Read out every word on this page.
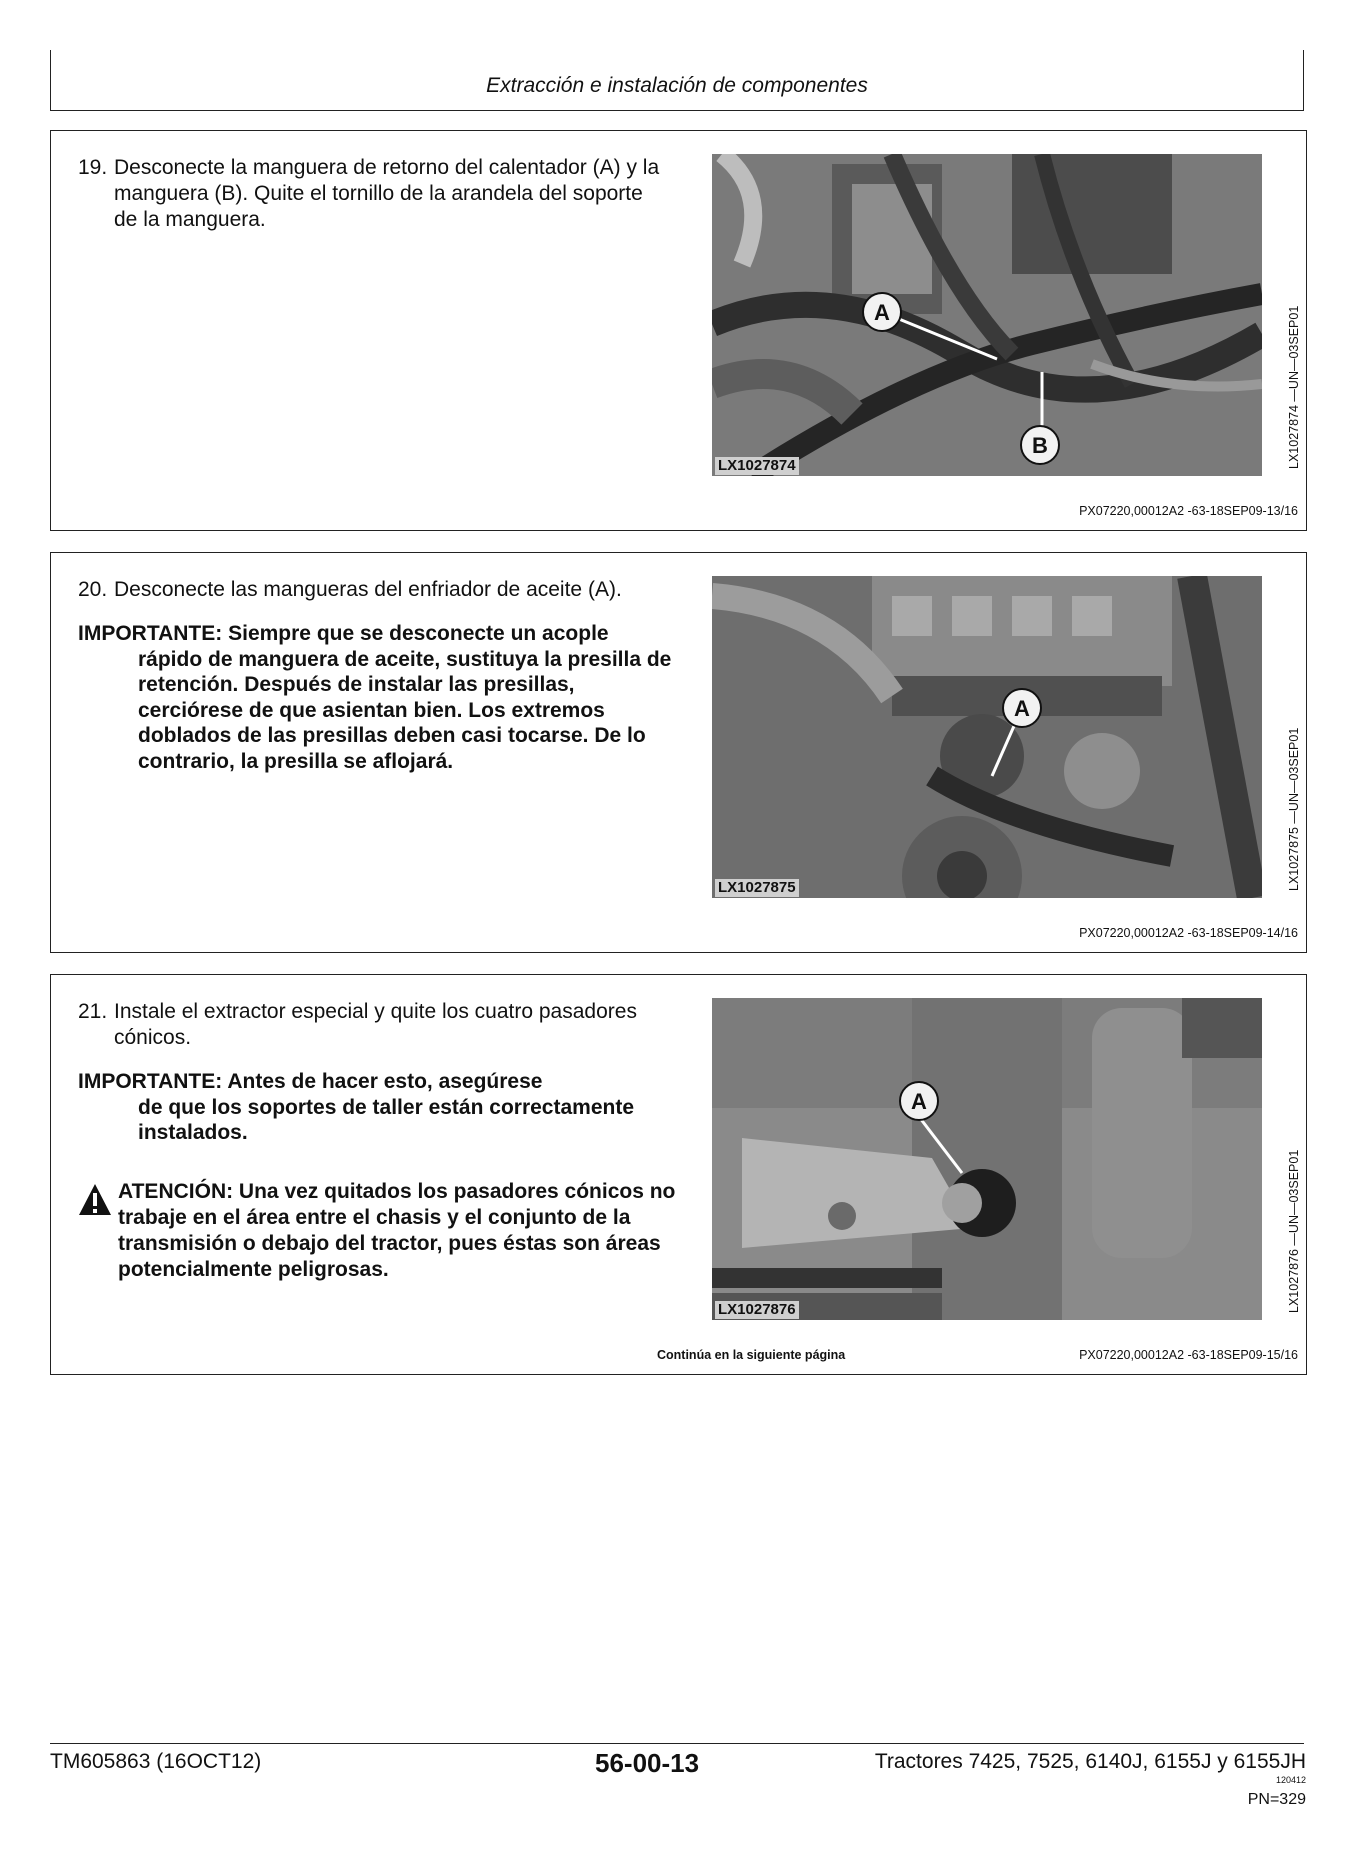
Extracción e instalación de componentes
19. Desconecte la manguera de retorno del calentador (A) y la manguera (B). Quite el tornillo de la arandela del soporte de la manguera.
A
B
LX1027874	LX1027874 —UN—03SEP01
PX07220,00012A2 -63-18SEP09-13/16
20. Desconecte las mangueras del enfriador de aceite (A).
IMPORTANTE: Siempre que se desconecte un acople
rápido de manguera de aceite, sustituya la presilla de retención. Después de instalar las presillas, cerciórese de que asientan bien. Los extremos doblados de las presillas deben casi tocarse. De lo contrario, la presilla se aflojará.
A
LX1027875	LX1027875 —UN—03SEP01
PX07220,00012A2 -63-18SEP09-14/16
21. Instale el extractor especial y quite los cuatro pasadores cónicos.
IMPORTANTE: Antes de hacer esto, asegúrese
de que los soportes de taller están correctamente instalados.
ATENCIÓN: Una vez quitados los pasadores cónicos no trabaje en el área entre el chasis y el conjunto de la transmisión o debajo del tractor, pues éstas son áreas potencialmente peligrosas.
A
LX1027876	LX1027876 —UN—03SEP01
Continúa en la siguiente página	PX07220,00012A2 -63-18SEP09-15/16
TM605863 (16OCT12)	56-00-13	Tractores 7425, 7525, 6140J, 6155J y 6155JH
120412
PN=329
